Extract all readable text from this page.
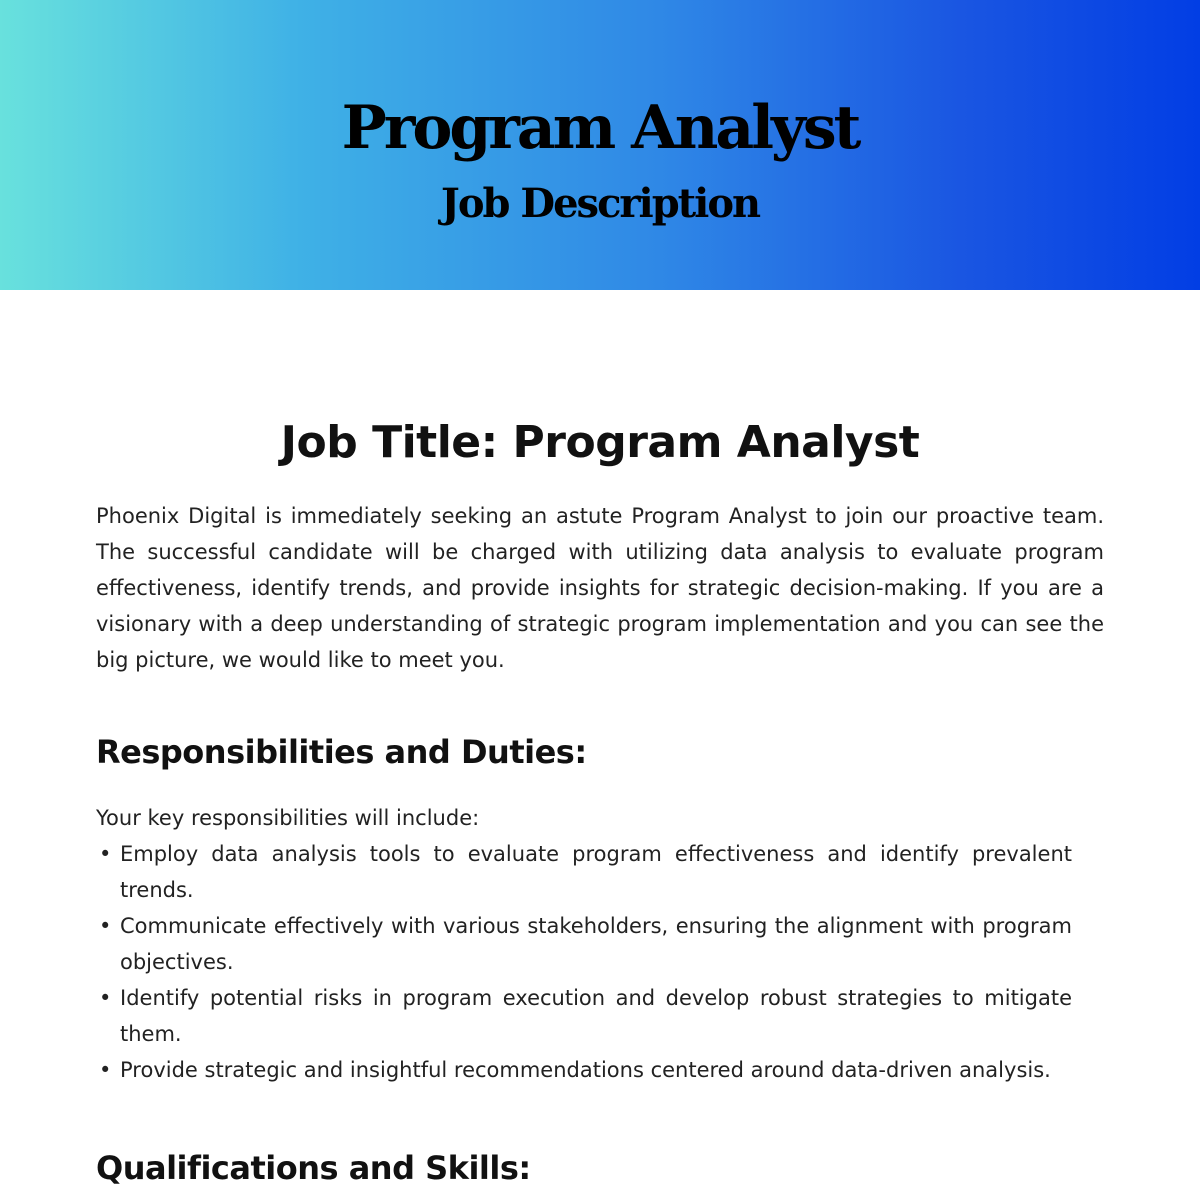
Program Analyst
Job Description
Job Title: Program Analyst

Phoenix Digital is immediately seeking an astute Program Analyst to join our proactive team. The successful candidate will be charged with utilizing data analysis to evaluate program effectiveness, identify trends, and provide insights for strategic decision-making. If you are a visionary with a deep understanding of strategic program implementation and you can see the big picture, we would like to meet you.

Responsibilities and Duties:

Your key responsibilities will include:

• Employ data analysis tools to evaluate program effectiveness and identify prevalent trends.
• Communicate effectively with various stakeholders, ensuring the alignment with program objectives.
• Identify potential risks in program execution and develop robust strategies to mitigate them.
• Provide strategic and insightful recommendations centered around data-driven analysis.
Qualifications and Skills:
